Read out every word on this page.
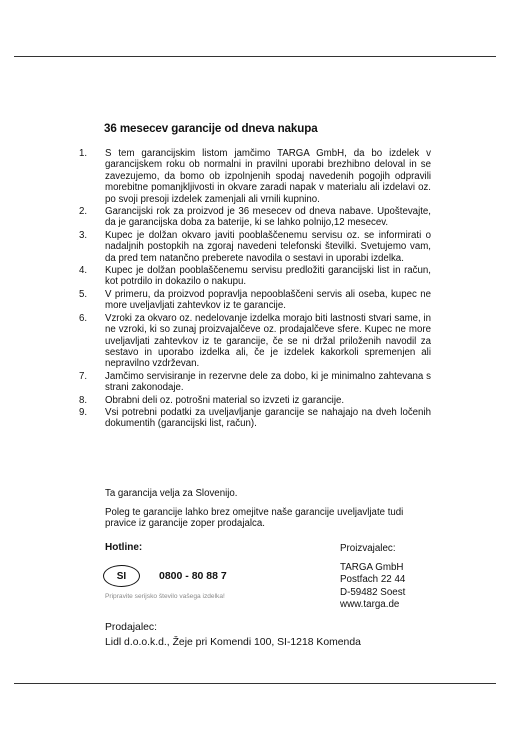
36 mesecev garancije od dneva nakupa
1.	S tem garancijskim listom jamčimo TARGA GmbH, da bo izdelek v garancijskem roku ob normalni in pravilni uporabi brezhibno deloval in se zavezujemo, da bomo ob izpolnjenih spodaj navedenih pogojih odpravili morebitne pomanjkljivosti in okvare zaradi napak v materialu ali izdelavi oz. po svoji presoji izdelek zamenjali ali vrnili kupnino.
2.	Garancijski rok za proizvod je 36 mesecev od dneva nabave. Upoštevajte, da je garancijska doba za baterije, ki se lahko polnijo,12 mesecev.
3.	Kupec je dolžan okvaro javiti pooblaščenemu servisu oz. se informirati o nadaljnih postopkih na zgoraj navedeni telefonski številki. Svetujemo vam, da pred tem natančno preberete navodila o sestavi in uporabi izdelka.
4.	Kupec je dolžan pooblaščenemu servisu predložiti garancijski list in račun, kot potrdilo in dokazilo o nakupu.
5.	V primeru, da proizvod popravlja nepooblaščeni servis ali oseba, kupec ne more uveljavljati zahtevkov iz te garancije.
6.	Vzroki za okvaro oz. nedelovanje izdelka morajo biti lastnosti stvari same, in ne vzroki, ki so zunaj proizvajalčeve oz. prodajalčeve sfere. Kupec ne more uveljavljati zahtevkov iz te garancije, če se ni držal priloženih navodil za sestavo in uporabo izdelka ali, če je izdelek kakorkoli spremenjen ali nepravilno vzdrževan.
7.	Jamčimo servisiranje in rezervne dele za dobo, ki je minimalno zahtevana s strani zakonodaje.
8.	Obrabni deli oz. potrošni material so izvzeti iz garancije.
9.	Vsi potrebni podatki za uveljavljanje garancije se nahajajo na dveh ločenih dokumentih (garancijski list, račun).
Ta garancija velja za Slovenijo.
Poleg te garancije lahko brez omejitve naše garancije uveljavljate tudi pravice iz garancije zoper prodajalca.
Hotline:
SI	0800 - 80 88 7
Pripravite serijsko število vašega izdelka!
Proizvajalec:
TARGA GmbH
Postfach 22 44
D-59482 Soest
www.targa.de
Prodajalec:
Lidl d.o.o.k.d., Žeje pri Komendi 100, SI-1218 Komenda
